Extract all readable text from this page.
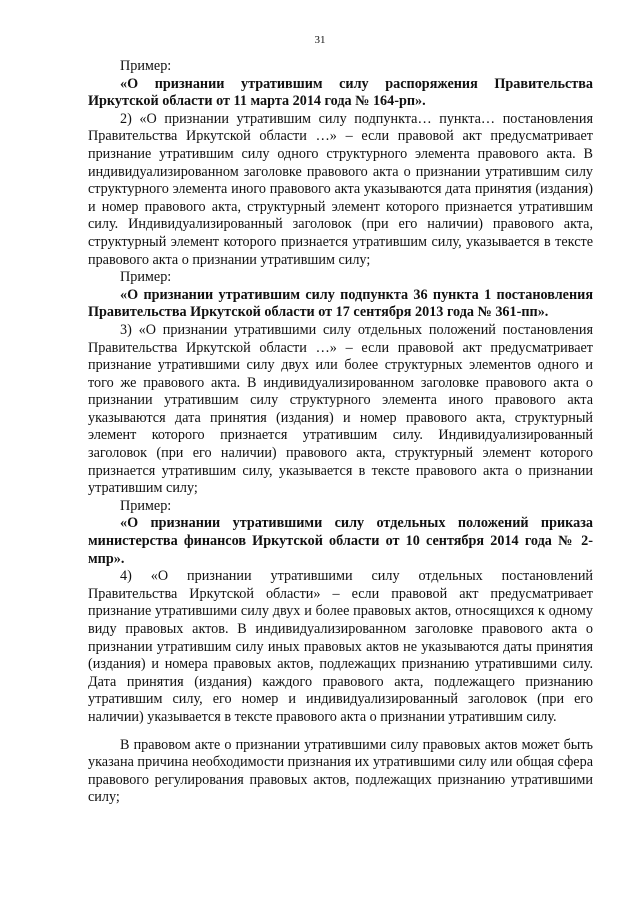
31

Пример:

«О признании утратившим силу распоряжения Правительства Иркутской области от 11 марта 2014 года № 164-рп».

2) «О признании утратившим силу подпункта… пункта… постановления Правительства Иркутской области …» – если правовой акт предусматривает признание утратившим силу одного структурного элемента правового акта. В индивидуализированном заголовке правового акта о признании утратившим силу структурного элемента иного правового акта указываются дата принятия (издания) и номер правового акта, структурный элемент которого признается утратившим силу. Индивидуализированный заголовок (при его наличии) правового акта, структурный элемент которого признается утратившим силу, указывается в тексте правового акта о признании утратившим силу;

Пример:

«О признании утратившим силу подпункта 36 пункта 1 постановления Правительства Иркутской области от 17 сентября 2013 года № 361-пп».

3) «О признании утратившими силу отдельных положений постановления Правительства Иркутской области …» – если правовой акт предусматривает признание утратившими силу двух или более структурных элементов одного и того же правового акта. В индивидуализированном заголовке правового акта о признании утратившим силу структурного элемента иного правового акта указываются дата принятия (издания) и номер правового акта, структурный элемент которого признается утратившим силу. Индивидуализированный заголовок (при его наличии) правового акта, структурный элемент которого признается утратившим силу, указывается в тексте правового акта о признании утратившим силу;

Пример:

«О признании утратившими силу отдельных положений приказа министерства финансов Иркутской области от 10 сентября 2014 года № 2-мпр».

4) «О признании утратившими силу отдельных постановлений Правительства Иркутской области» – если правовой акт предусматривает признание утратившими силу двух и более правовых актов, относящихся к одному виду правовых актов. В индивидуализированном заголовке правового акта о признании утратившим силу иных правовых актов не указываются даты принятия (издания) и номера правовых актов, подлежащих признанию утратившими силу. Дата принятия (издания) каждого правового акта, подлежащего признанию утратившим силу, его номер и индивидуализированный заголовок (при его наличии) указывается в тексте правового акта о признании утратившим силу.

В правовом акте о признании утратившими силу правовых актов может быть указана причина необходимости признания их утратившими силу или общая сфера правового регулирования правовых актов, подлежащих признанию утратившими силу;
